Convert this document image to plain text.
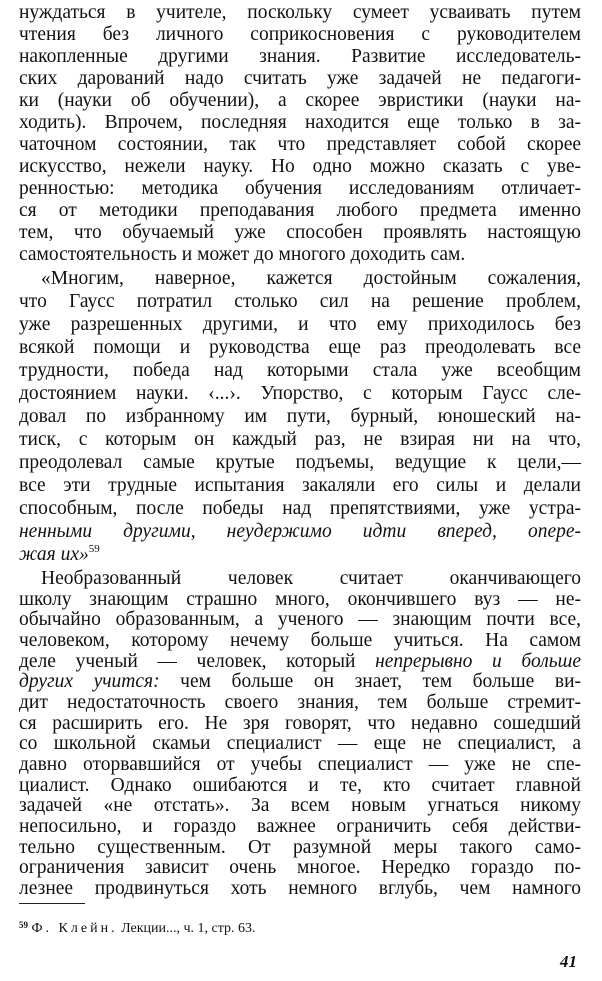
нуждаться в учителе, поскольку сумеет усваивать путем
чтения без личного соприкосновения с руководителем
накопленные другими знания. Развитие исследователь-
ских дарований надо считать уже задачей не педагоги-
ки (науки об обучении), а скорее эвристики (науки на-
ходить). Впрочем, последняя находится еще только в за-
чаточном состоянии, так что представляет собой скорее
искусство, нежели науку. Но одно можно сказать с уве-
ренностью: методика обучения исследованиям отличает-
ся от методики преподавания любого предмета именно
тем, что обучаемый уже способен проявлять настоящую
самостоятельность и может до многого доходить сам.
«Многим, наверное, кажется достойным сожаления,
что Гаусс потратил столько сил на решение проблем,
уже разрешенных другими, и что ему приходилось без
всякой помощи и руководства еще раз преодолевать все
трудности, победа над которыми стала уже всеобщим
достоянием науки. ‹...›. Упорство, с которым Гаусс сле-
довал по избранному им пути, бурный, юношеский на-
тиск, с которым он каждый раз, не взирая ни на что,
преодолевал самые крутые подъемы, ведущие к цели,—
все эти трудные испытания закаляли его силы и делали
способным, после победы над препятствиями, уже устра-
ненными другими, неудержимо идти вперед, опере-
жая их»$^{59}$
Необразованный человек считает оканчивающего
школу знающим страшно много, окончившего вуз — не-
обычайно образованным, а ученого — знающим почти все,
человеком, которому нечему больше учиться. На самом
деле ученый — человек, который непрерывно и больше
других учится: чем больше он знает, тем больше ви-
дит недостаточность своего знания, тем больше стремит-
ся расширить его. Не зря говорят, что недавно сошедший
со школьной скамьи специалист — еще не специалист, а
давно оторвавшийся от учебы специалист — уже не спе-
циалист. Однако ошибаются и те, кто считает главной
задачей «не отстать». За всем новым угнаться никому
непосильно, и гораздо важнее ограничить себя действи-
тельно существенным. От разумной меры такого само-
$^{59}$ Ф. Клейн. Лекции..., ч. 1, стр. 63.
41
ограничения зависит очень многое. Нередко гораздо по-
лезнее продвинуться хоть немного вглубь, чем намного
